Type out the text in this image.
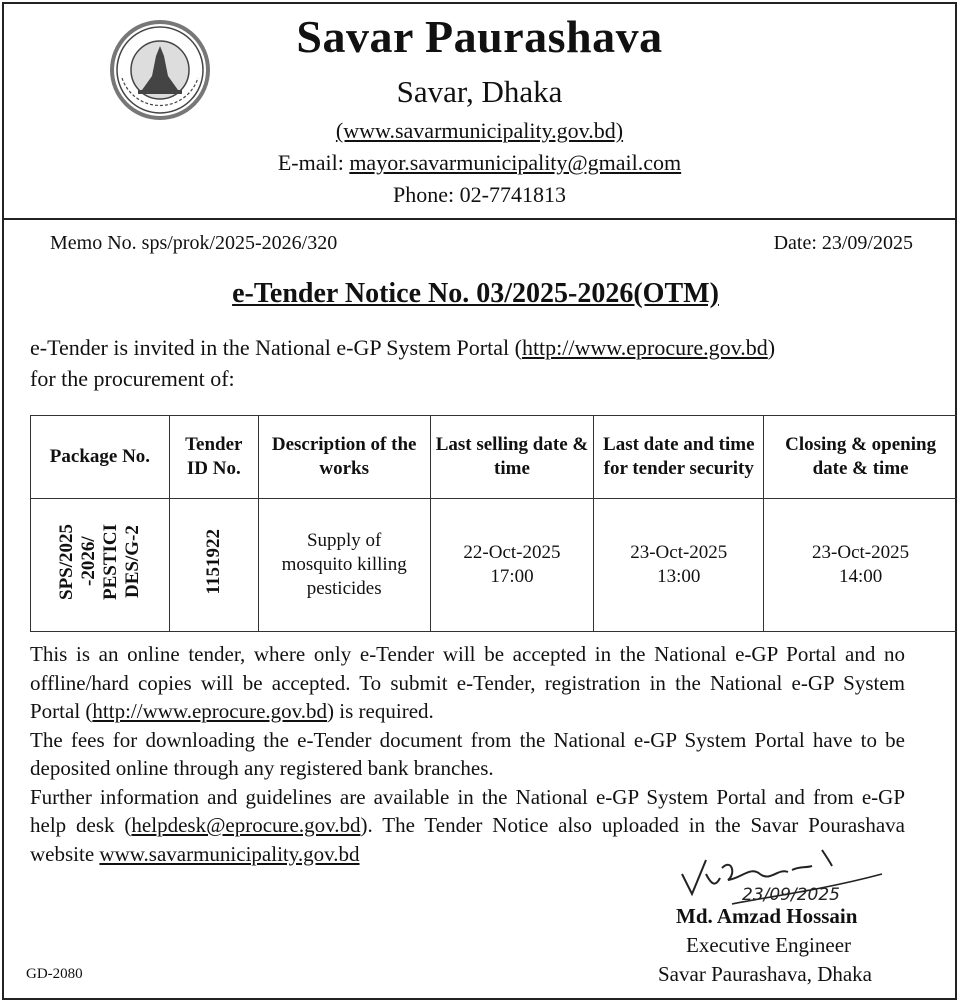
Savar Paurashava
Savar, Dhaka
(www.savarmunicipality.gov.bd)
E-mail: mayor.savarmunicipality@gmail.com
Phone: 02-7741813
Memo No. sps/prok/2025-2026/320	Date: 23/09/2025
e-Tender Notice No. 03/2025-2026(OTM)
e-Tender is invited in the National e-GP System Portal (http://www.eprocure.gov.bd)
for the procurement of:
Package No.	Tender ID No.	Description of the works	Last selling date & time	Last date and time for tender security	Closing & opening date & time
SPS/2025 -2026/ PESTICI DES/G-2	1151922	Supply of mosquito killing pesticides	22-Oct-2025 17:00	23-Oct-2025 13:00	23-Oct-2025 14:00

This is an online tender, where only e-Tender will be accepted in the National e-GP Portal and no offline/hard copies will be accepted. To submit e-Tender, registration in the National e-GP System Portal (http://www.eprocure.gov.bd) is required.

The fees for downloading the e-Tender document from the National e-GP System Portal have to be deposited online through any registered bank branches.

Further information and guidelines are available in the National e-GP System Portal and from e-GP help desk (helpdesk@eprocure.gov.bd). The Tender Notice also uploaded in the Savar Pourashava website www.savarmunicipality.gov.bd

23/09/2025
Md. Amzad Hossain
Executive Engineer
Savar Paurashava, Dhaka
GD-2080
